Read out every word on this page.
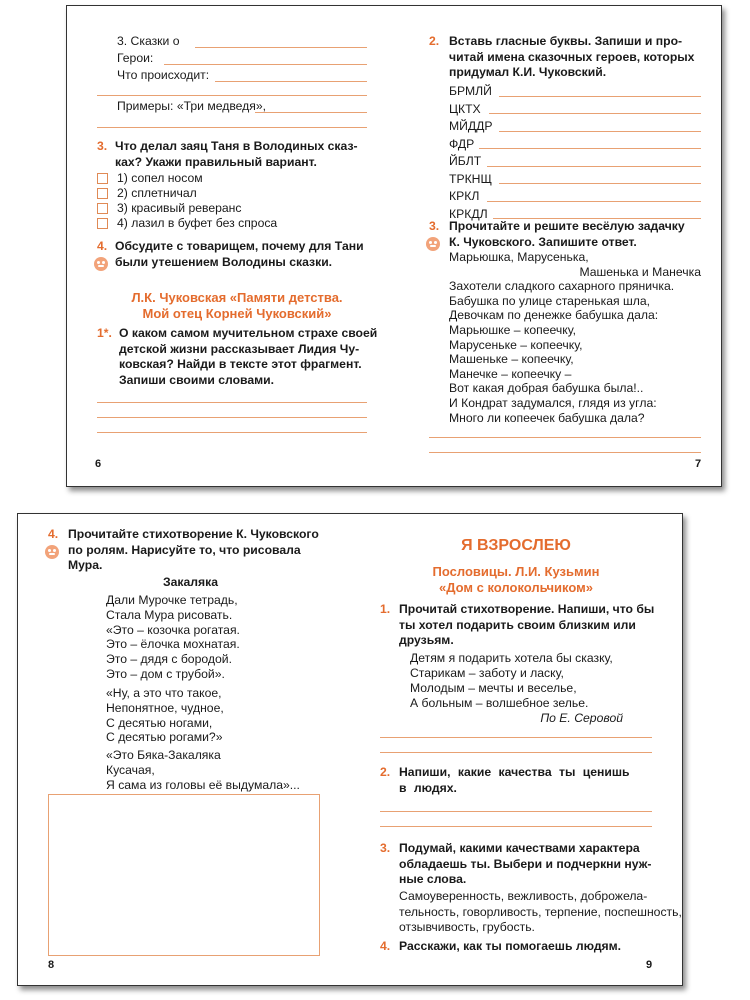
3. Сказки о
Герои:
Что происходит:
Примеры: «Три медведя»,
3. Что делал заяц Таня в Володиных сказ-
ках? Укажи правильный вариант.
1) сопел носом
2) сплетничал
3) красивый реверанс
4) лазил в буфет без спроса
4. Обсудите с товарищем, почему для Тани
были утешением Володины сказки.
Л.К. Чуковская «Памяти детства.
Мой отец Корней Чуковский»
1*. О каком самом мучительном страхе своей
детской жизни рассказывает Лидия Чу-
ковская? Найди в тексте этот фрагмент.
Запиши своими словами.
6
2. Вставь гласные буквы. Запиши и про-
читай имена сказочных героев, которых
придумал К.И. Чуковский.
БРМЛЙ
ЦКТХ
МЙДДР
ФДР
ЙБЛТ
ТРКНЩ
КРКЛ
КРКДЛ
3. Прочитайте и решите весёлую задачку
К. Чуковского. Запишите ответ.
Марьюшка, Марусенька,
Машенька и Манечка
Захотели сладкого сахарного пряничка.
Бабушка по улице старенькая шла,
Девочкам по денежке бабушка дала:
Марьюшке – копеечку,
Марусеньке – копеечку,
Машеньке – копеечку,
Манечке – копеечку –
Вот какая добрая бабушка была!..
И Кондрат задумался, глядя из угла:
Много ли копеечек бабушка дала?
7
4. Прочитайте стихотворение К. Чуковского
по ролям. Нарисуйте то, что рисовала
Мура.
Закаляка
Дали Мурочке тетрадь,
Стала Мура рисовать.
«Это – козочка рогатая.
Это – ёлочка мохнатая.
Это – дядя с бородой.
Это – дом с трубой».
«Ну, а это что такое,
Непонятное, чудное,
С десятью ногами,
С десятью рогами?»
«Это Бяка-Закаляка
Кусачая,
Я сама из головы её выдумала»...
8
Я ВЗРОСЛЕЮ
Пословицы. Л.И. Кузьмин
«Дом с колокольчиком»
1. Прочитай стихотворение. Напиши, что бы
ты хотел подарить своим близким или
друзьям.
Детям я подарить хотела бы сказку,
Старикам – заботу и ласку,
Молодым – мечты и веселье,
А больным – волшебное зелье.
По Е. Серовой
2. Напиши, какие качества ты ценишь
в людях.
3. Подумай, какими качествами характера
обладаешь ты. Выбери и подчеркни нуж-
ные слова.
Самоуверенность, вежливость, доброжела-
тельность, говорливость, терпение, поспешность,
отзывчивость, грубость.
4. Расскажи, как ты помогаешь людям.
9
